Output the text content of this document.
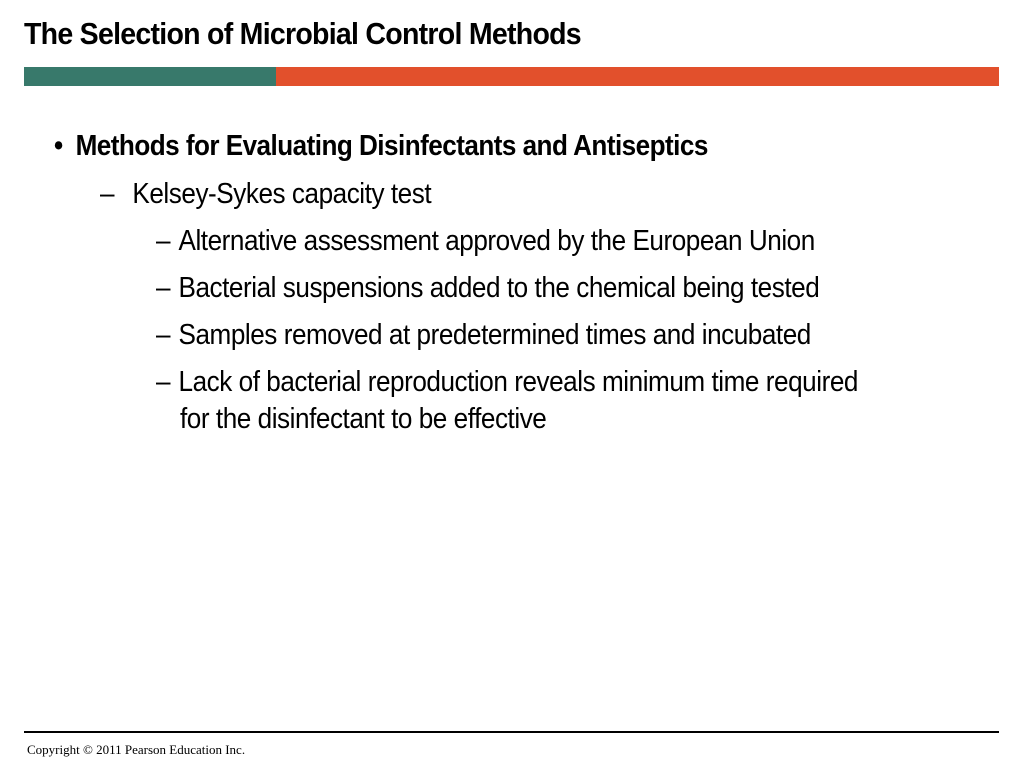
The Selection of Microbial Control Methods
• Methods for Evaluating Disinfectants and Antiseptics
– Kelsey-Sykes capacity test
– Alternative assessment approved by the European Union
– Bacterial suspensions added to the chemical being tested
– Samples removed at predetermined times and incubated
– Lack of bacterial reproduction reveals minimum time required
for the disinfectant to be effective
Copyright © 2011 Pearson Education Inc.
